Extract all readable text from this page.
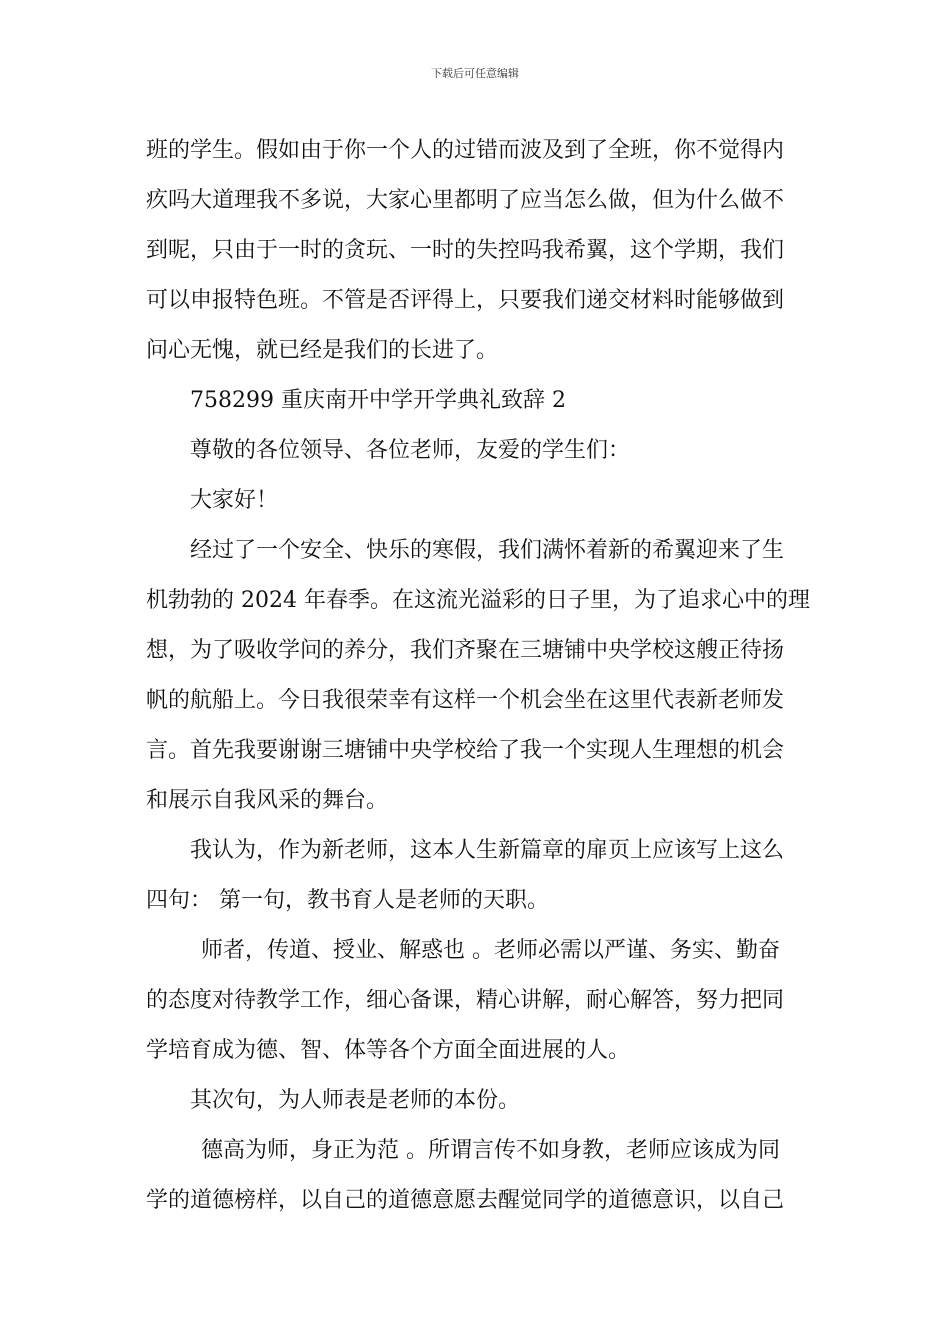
下载后可任意编辑
班的学生。假如由于你一个人的过错而波及到了全班，你不觉得内
疚吗大道理我不多说，大家心里都明了应当怎么做，但为什么做不
到呢，只由于一时的贪玩、一时的失控吗我希翼，这个学期，我们
可以申报特色班。不管是否评得上，只要我们递交材料时能够做到
问心无愧，就已经是我们的长进了。
758299 重庆南开中学开学典礼致辞 2
尊敬的各位领导、各位老师，友爱的学生们：
大家好！
经过了一个安全、快乐的寒假，我们满怀着新的希翼迎来了生
机勃勃的 2024 年春季。在这流光溢彩的日子里，为了追求心中的理
想，为了吸收学问的养分，我们齐聚在三塘铺中央学校这艘正待扬
帆的航船上。今日我很荣幸有这样一个机会坐在这里代表新老师发
言。首先我要谢谢三塘铺中央学校给了我一个实现人生理想的机会
和展示自我风采的舞台。
我认为，作为新老师，这本人生新篇章的扉页上应该写上这么
四句： 第一句，教书育人是老师的天职。
师者，传道、授业、解惑也 。老师必需以严谨、务实、勤奋
的态度对待教学工作，细心备课，精心讲解，耐心解答，努力把同
学培育成为德、智、体等各个方面全面进展的人。
其次句，为人师表是老师的本份。
德高为师，身正为范 。所谓言传不如身教，老师应该成为同
学的道德榜样，以自己的道德意愿去醒觉同学的道德意识，以自己
